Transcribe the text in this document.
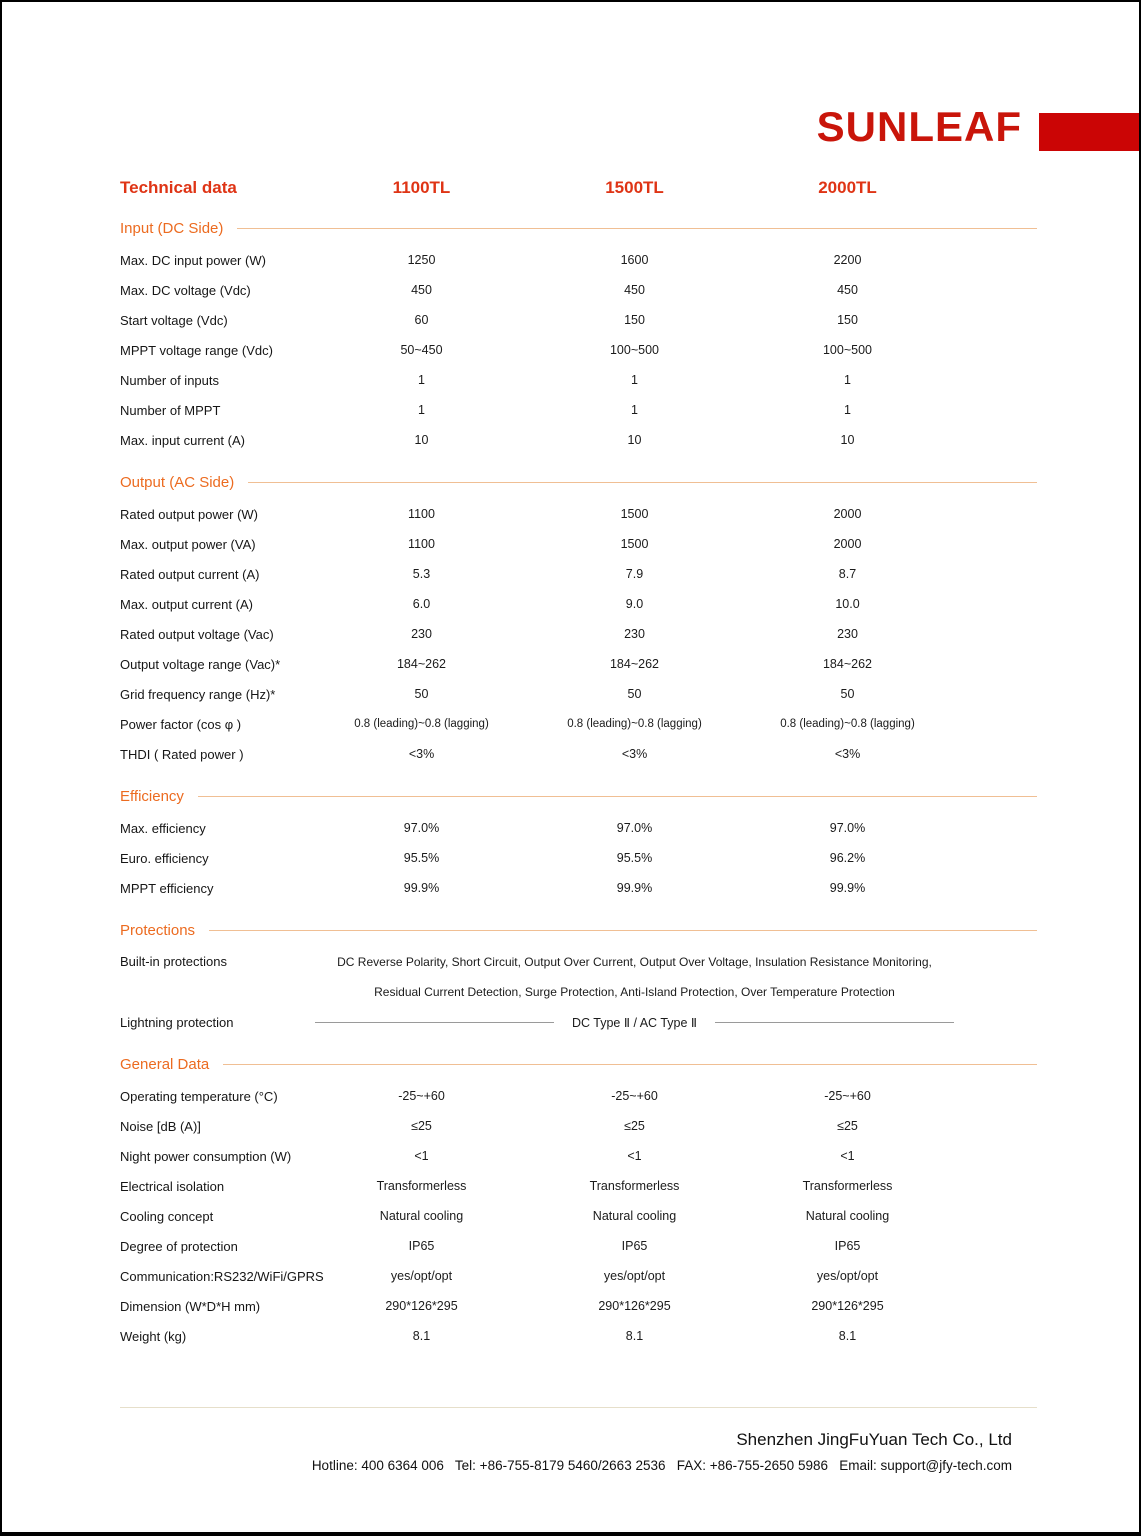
SUNLEAF
Technical data	1100TL	1500TL	2000TL
Input (DC Side)
Max. DC input power (W)	1250	1600	2200
Max. DC voltage (Vdc)	450	450	450
Start voltage (Vdc)	60	150	150
MPPT voltage range (Vdc)	50~450	100~500	100~500
Number of inputs	1	1	1
Number of MPPT	1	1	1
Max. input current (A)	10	10	10
Output (AC Side)
Rated output power (W)	1100	1500	2000
Max. output power (VA)	1100	1500	2000
Rated output current (A)	5.3	7.9	8.7
Max. output current (A)	6.0	9.0	10.0
Rated output voltage (Vac)	230	230	230
Output voltage range (Vac)*	184~262	184~262	184~262
Grid frequency range (Hz)*	50	50	50
Power factor (cos φ )	0.8 (leading)~0.8 (lagging)	0.8 (leading)~0.8 (lagging)	0.8 (leading)~0.8 (lagging)
THDI ( Rated power )	<3%	<3%	<3%
Efficiency
Max. efficiency	97.0%	97.0%	97.0%
Euro. efficiency	95.5%	95.5%	96.2%
MPPT efficiency	99.9%	99.9%	99.9%
Protections
Built-in protections	DC Reverse Polarity, Short Circuit, Output Over Current, Output Over Voltage, Insulation Resistance Monitoring,
Residual Current Detection, Surge Protection, Anti-Island Protection, Over Temperature Protection
Lightning protection	DC Type Ⅱ / AC Type Ⅱ
General Data
Operating temperature (°C)	-25~+60	-25~+60	-25~+60
Noise [dB (A)]	≤25	≤25	≤25
Night power consumption (W)	<1	<1	<1
Electrical isolation	Transformerless	Transformerless	Transformerless
Cooling concept	Natural cooling	Natural cooling	Natural cooling
Degree of protection	IP65	IP65	IP65
Communication:RS232/WiFi/GPRS	yes/opt/opt	yes/opt/opt	yes/opt/opt
Dimension (W*D*H mm)	290*126*295	290*126*295	290*126*295
Weight (kg)	8.1	8.1	8.1
Shenzhen JingFuYuan Tech Co., Ltd
Hotline: 400 6364 006   Tel: +86-755-8179 5460/2663 2536   FAX: +86-755-2650 5986   Email: support@jfy-tech.com
